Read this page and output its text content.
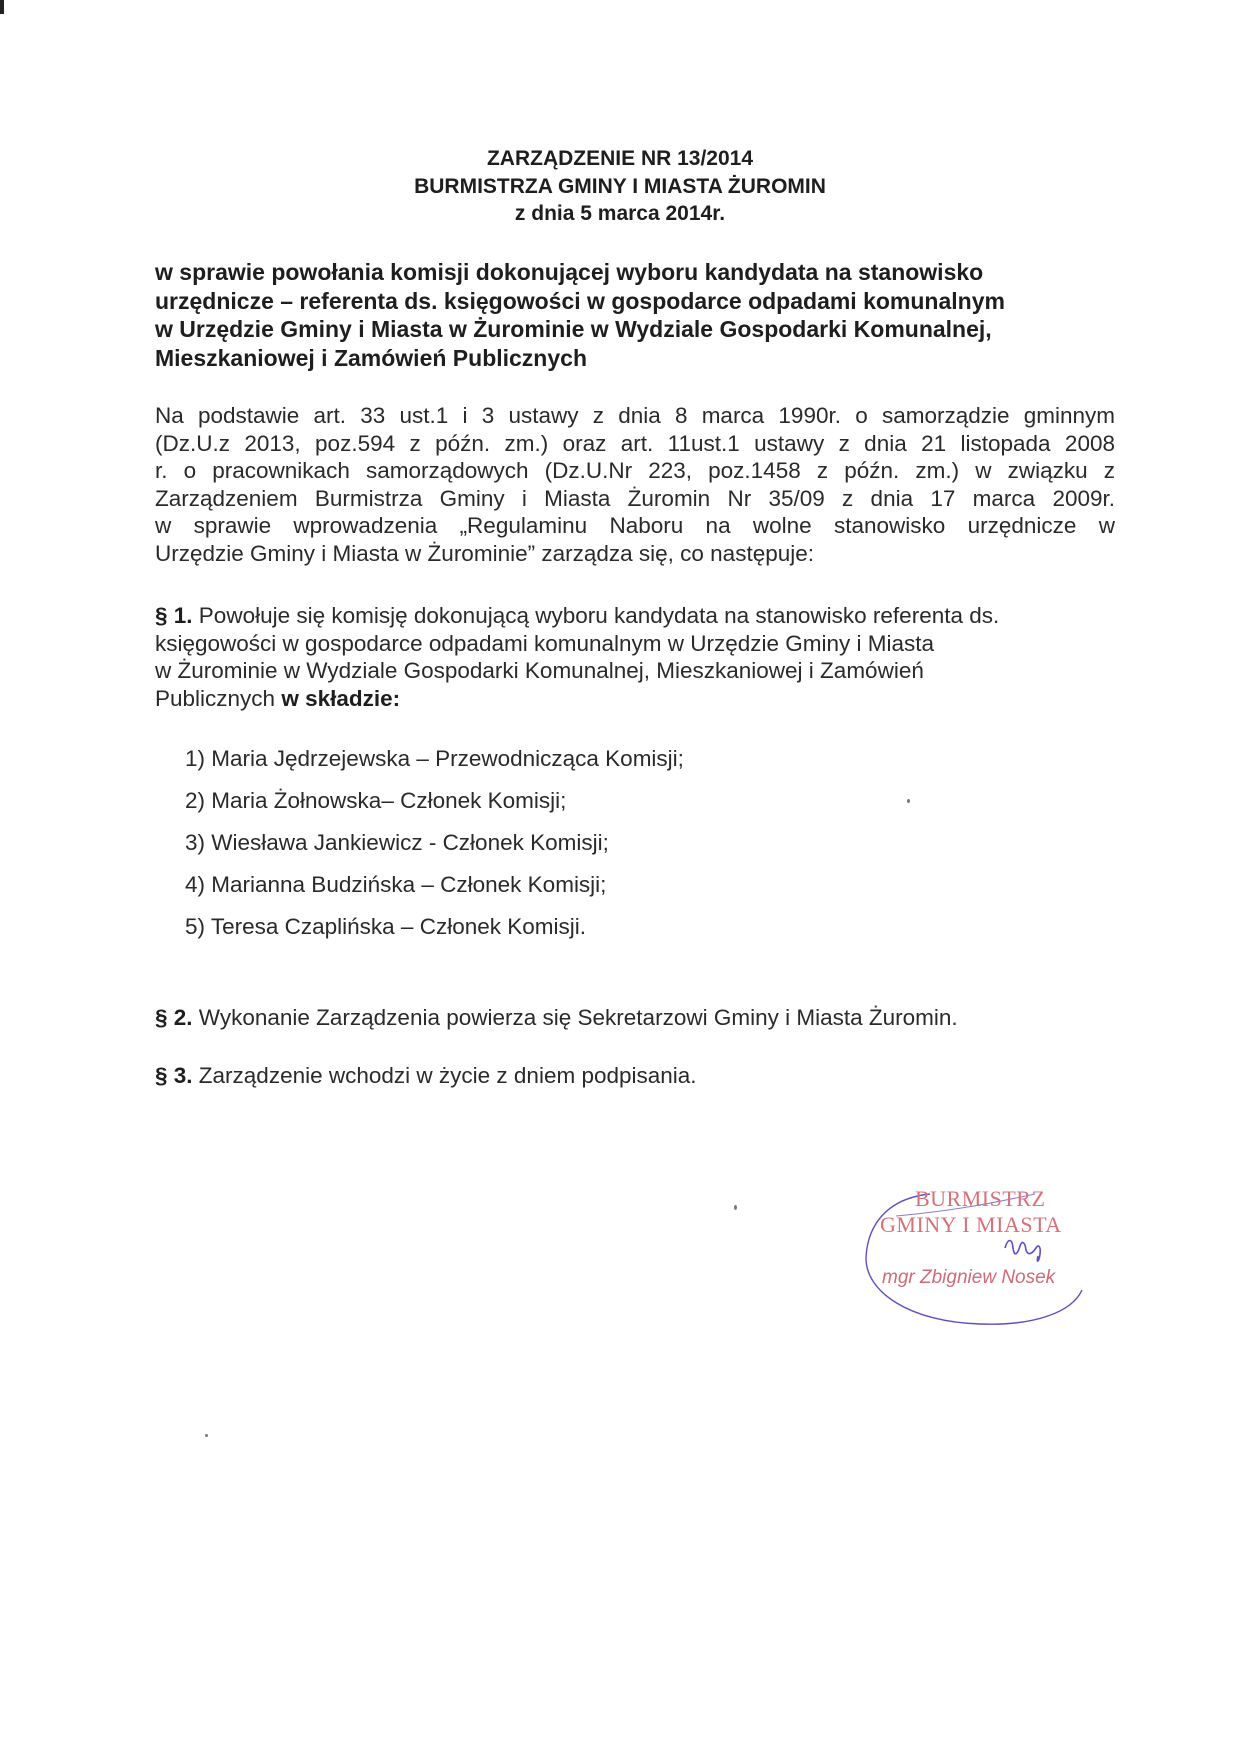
ZARZĄDZENIE NR 13/2014
BURMISTRZA GMINY I MIASTA ŻUROMIN
z dnia 5 marca 2014r.
w sprawie powołania komisji dokonującej wyboru kandydata na stanowisko
urzędnicze – referenta ds. księgowości w gospodarce odpadami komunalnym
w Urzędzie Gminy i Miasta w Żurominie w Wydziale Gospodarki Komunalnej,
Mieszkaniowej i Zamówień Publicznych
Na podstawie art. 33 ust.1 i 3 ustawy z dnia 8 marca 1990r. o samorządzie gminnym
(Dz.U.z 2013, poz.594 z późn. zm.) oraz art. 11ust.1 ustawy z dnia 21 listopada 2008
r. o pracownikach samorządowych (Dz.U.Nr 223, poz.1458 z późn. zm.) w związku z
Zarządzeniem Burmistrza Gminy i Miasta Żuromin Nr 35/09 z dnia 17 marca 2009r.
w sprawie wprowadzenia „Regulaminu Naboru na wolne stanowisko urzędnicze w
Urzędzie Gminy i Miasta w Żurominie” zarządza się, co następuje:
§ 1. Powołuje się komisję dokonującą wyboru kandydata na stanowisko referenta ds.
księgowości w gospodarce odpadami komunalnym w Urzędzie Gminy i Miasta
w Żurominie w Wydziale Gospodarki Komunalnej, Mieszkaniowej i Zamówień
Publicznych w składzie:
1) Maria Jędrzejewska – Przewodnicząca Komisji;
2) Maria Żołnowska– Członek Komisji;
3) Wiesława Jankiewicz - Członek Komisji;
4) Marianna Budzińska – Członek Komisji;
5) Teresa Czaplińska – Członek Komisji.
§ 2. Wykonanie Zarządzenia powierza się Sekretarzowi Gminy i Miasta Żuromin.
§ 3. Zarządzenie wchodzi w życie z dniem podpisania.
BURMISTRZ
GMINY I MIASTA
mgr Zbigniew Nosek
